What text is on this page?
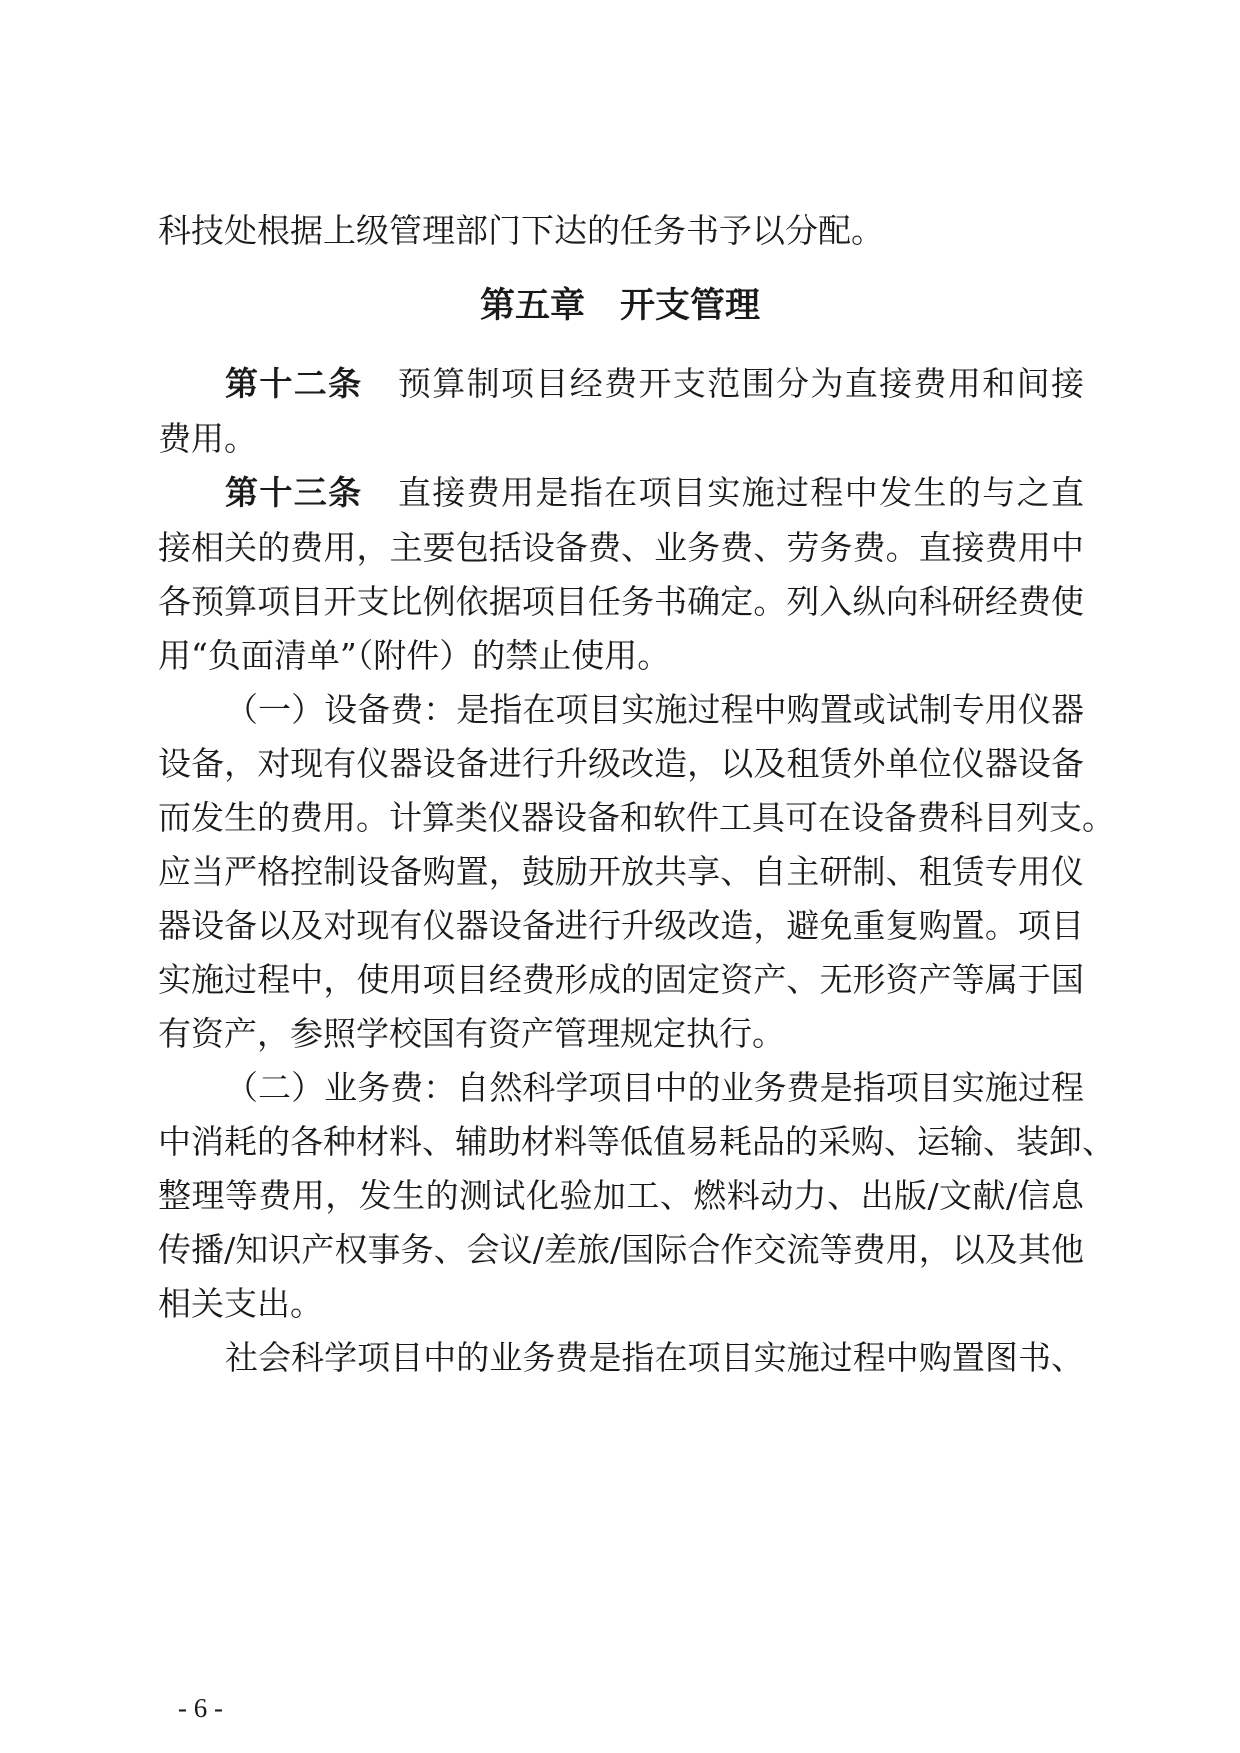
科技处根据上级管理部门下达的任务书予以分配。
第五章　开支管理
第十二条 预算制项目经费开支范围分为直接费用和间接
费用。
第十三条 直接费用是指在项目实施过程中发生的与之直
接相关的费用，主要包括设备费、业务费、劳务费。直接费用中
各预算项目开支比例依据项目任务书确定。列入纵向科研经费使
用“负面清单”（附件）的禁止使用。
（一）设备费：是指在项目实施过程中购置或试制专用仪器
设备，对现有仪器设备进行升级改造，以及租赁外单位仪器设备
而发生的费用。计算类仪器设备和软件工具可在设备费科目列支。
应当严格控制设备购置，鼓励开放共享、自主研制、租赁专用仪
器设备以及对现有仪器设备进行升级改造，避免重复购置。项目
实施过程中，使用项目经费形成的固定资产、无形资产等属于国
有资产，参照学校国有资产管理规定执行。
（二）业务费：自然科学项目中的业务费是指项目实施过程
中消耗的各种材料、辅助材料等低值易耗品的采购、运输、装卸、
整理等费用，发生的测试化验加工、燃料动力、出版/文献/信息
传播/知识产权事务、会议/差旅/国际合作交流等费用，以及其他
相关支出。
社会科学项目中的业务费是指在项目实施过程中购置图书、
- 6 -
